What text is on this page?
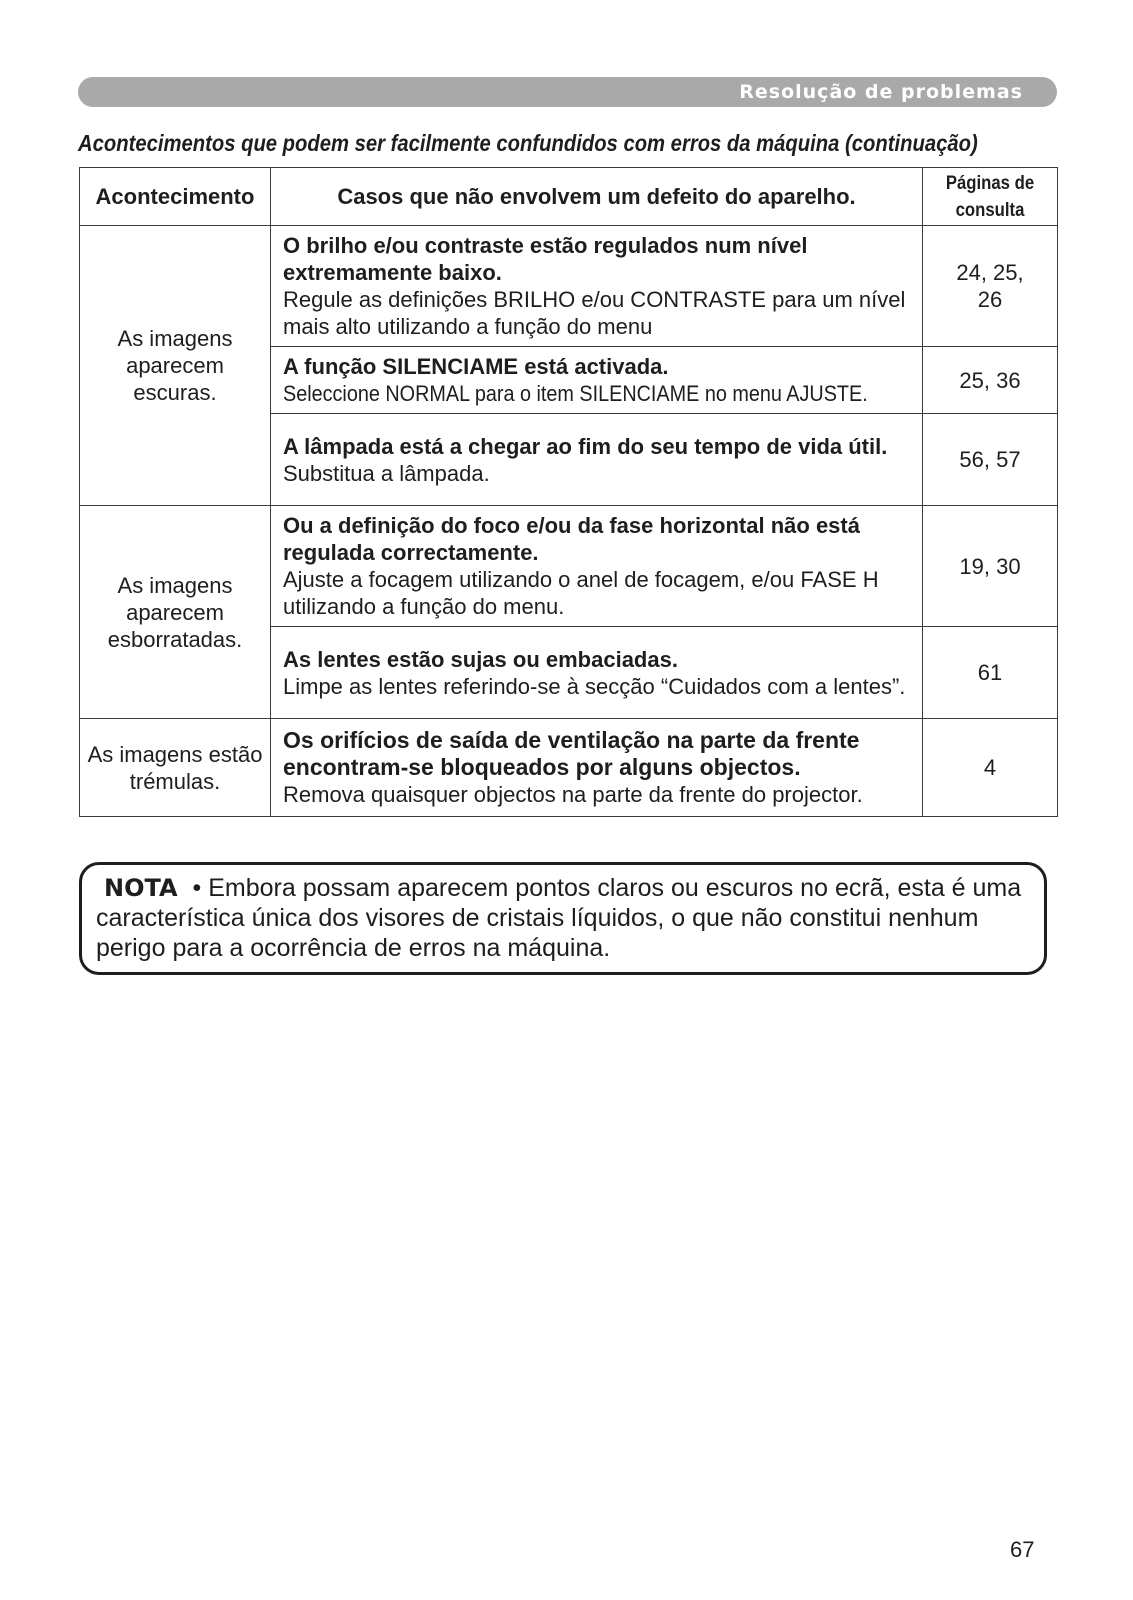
Resolução de problemas
Acontecimentos que podem ser facilmente confundidos com erros da máquina (continuação)
Acontecimento	Casos que não envolvem um defeito do aparelho.	Páginas de
consulta

As imagens aparecem escuras.	O brilho e/ou contraste estão regulados num nível extremamente baixo.
Regule as definições BRILHO e/ou CONTRASTE para um nível mais alto utilizando a função do menu	24, 25, 26

	A função SILENCIAME está activada.
Seleccione NORMAL para o item SILENCIAME no menu AJUSTE.	25, 36

	A lâmpada está a chegar ao fim do seu tempo de vida útil.
Substitua a lâmpada.	56, 57
As imagens aparecem esborratadas.	Ou a definição do foco e/ou da fase horizontal não está regulada correctamente.
Ajuste a focagem utilizando o anel de focagem, e/ou FASE H utilizando a função do menu.	19, 30

	As lentes estão sujas ou embaciadas.
Limpe as lentes referindo-se à secção “Cuidados com a lentes”.	61
As imagens estão trémulas.	Os orifícios de saída de ventilação na parte da frente encontram-se bloqueados por alguns objectos.
Remova quaisquer objectos na parte da frente do projector.	4
NOTA • Embora possam aparecem pontos claros ou escuros no ecrã, esta é uma característica única dos visores de cristais líquidos, o que não constitui nenhum perigo para a ocorrência de erros na máquina.
67
